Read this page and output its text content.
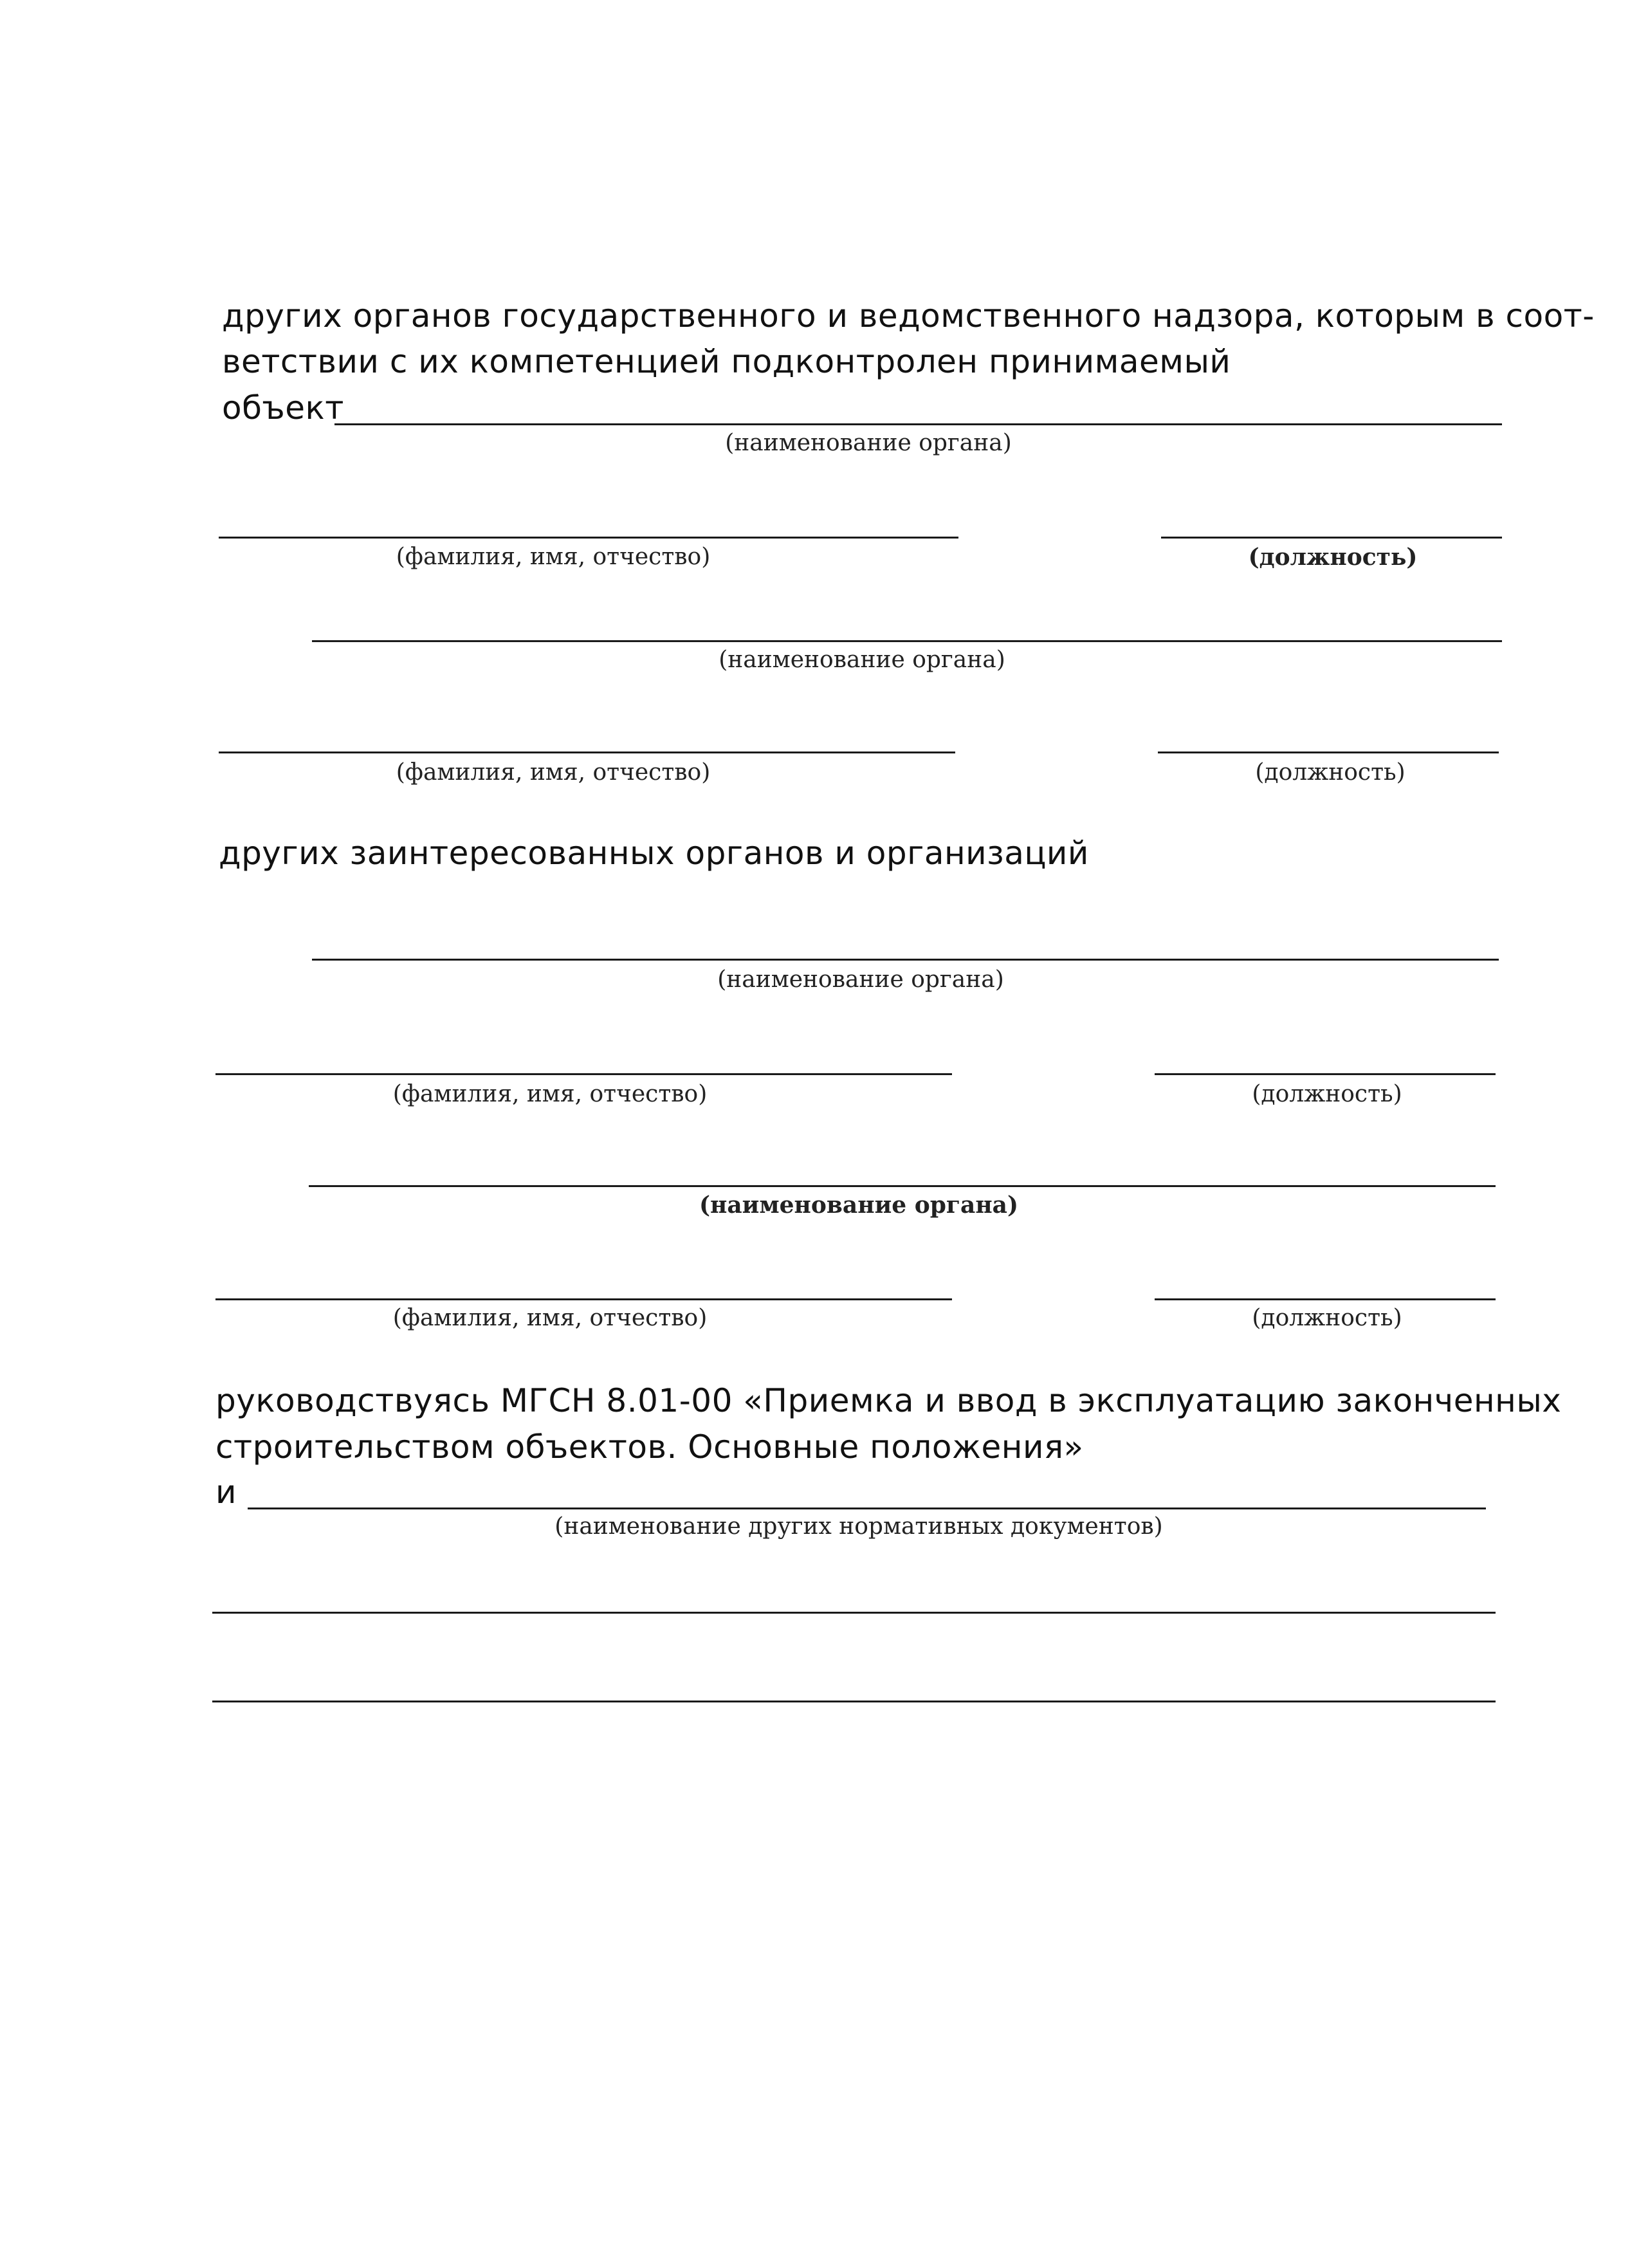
других органов государственного и ведомственного надзора, которым в соот-
ветствии с их компетенцией подконтролен принимаемый
объект
(наименование органа)
(фамилия, имя, отчество)	(должность)
(наименование органа)
(фамилия, имя, отчество)	(должность)
других заинтересованных органов и организаций
(наименование органа)
(фамилия, имя, отчество)	(должность)
(наименование органа)
(фамилия, имя, отчество)	(должность)
руководствуясь МГСН 8.01-00 «Приемка и ввод в эксплуатацию законченных
строительством объектов. Основные положения»
и
(наименование других нормативных документов)
